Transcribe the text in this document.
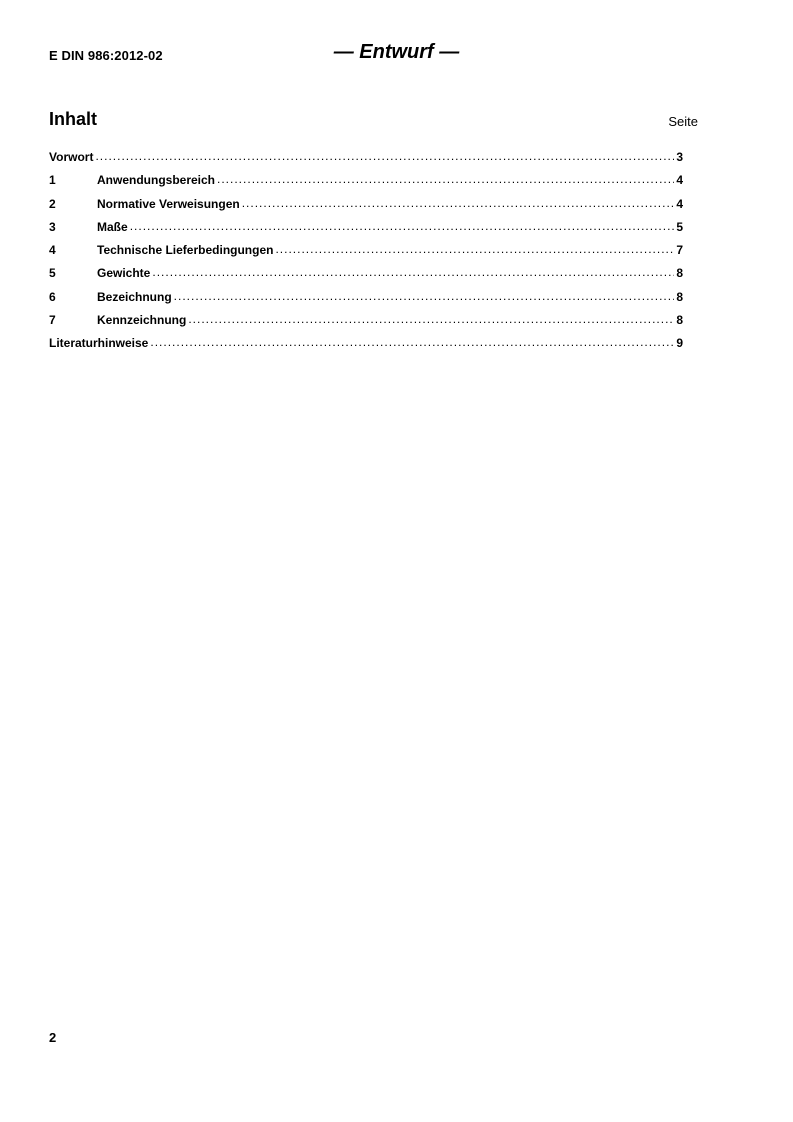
E DIN 986:2012-02	— Entwurf —
Inhalt	Seite
Vorwort .....	3
1	Anwendungsbereich .....	4
2	Normative Verweisungen .....	4
3	Maße .....	5
4	Technische Lieferbedingungen .....	7
5	Gewichte .....	8
6	Bezeichnung .....	8
7	Kennzeichnung .....	8
Literaturhinweise .....	9
2
